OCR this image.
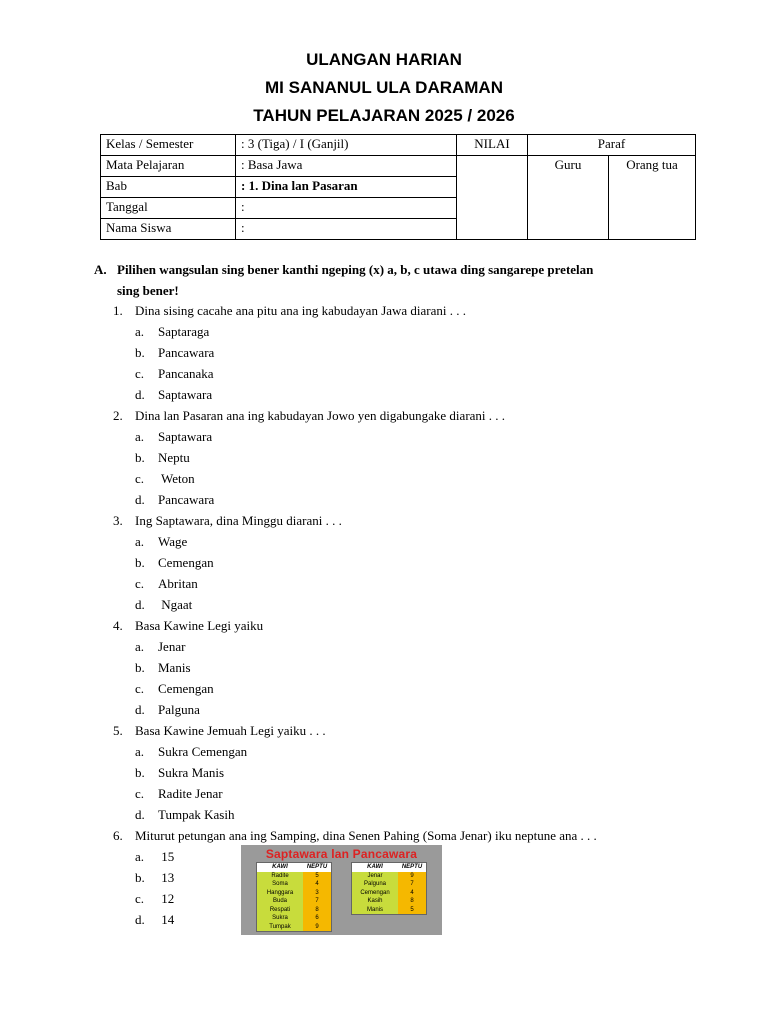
ULANGAN HARIAN
MI SANANUL ULA DARAMAN
TAHUN PELAJARAN 2025 / 2026
Kelas / Semester	: 3 (Tiga) / I (Ganjil)	NILAI	Paraf	
Mata Pelajaran	: Basa Jawa		Guru	Orang tua
Bab	: 1. Dina lan Pasaran			
Tanggal	:			
Nama Siswa	:			
A. Pilihen wangsulan sing bener kanthi ngeping (x) a, b, c utawa ding sangarepe pretelan
sing bener!
1. Dina sising cacahe ana pitu ana ing kabudayan Jawa diarani . . .
a. Saptaraga
b. Pancawara
c. Pancanaka
d. Saptawara
2. Dina lan Pasaran ana ing kabudayan Jowo yen digabungake diarani . . .
a. Saptawara
b. Neptu
c. Weton
d. Pancawara
3. Ing Saptawara, dina Minggu diarani . . .
a. Wage
b. Cemengan
c. Abritan
d. Ngaat
4. Basa Kawine Legi yaiku
a. Jenar
b. Manis
c. Cemengan
d. Palguna
5. Basa Kawine Jemuah Legi yaiku . . .
a. Sukra Cemengan
b. Sukra Manis
c. Radite Jenar
d. Tumpak Kasih
6. Miturut petungan ana ing Samping, dina Senen Pahing (Soma Jenar) iku neptune ana . . .
a. 15
b. 13
c. 12
d. 14
Saptawara lan Pancawara
KAWI	NEPTU
Radite	5
Soma	4
Hanggara	3
Buda	7
Respati	8
Sukra	6
Tumpak	9
KAWI	NEPTU
Jenar	9
Palguna	7
Cemengan	4
Kasih	8
Manis	5
